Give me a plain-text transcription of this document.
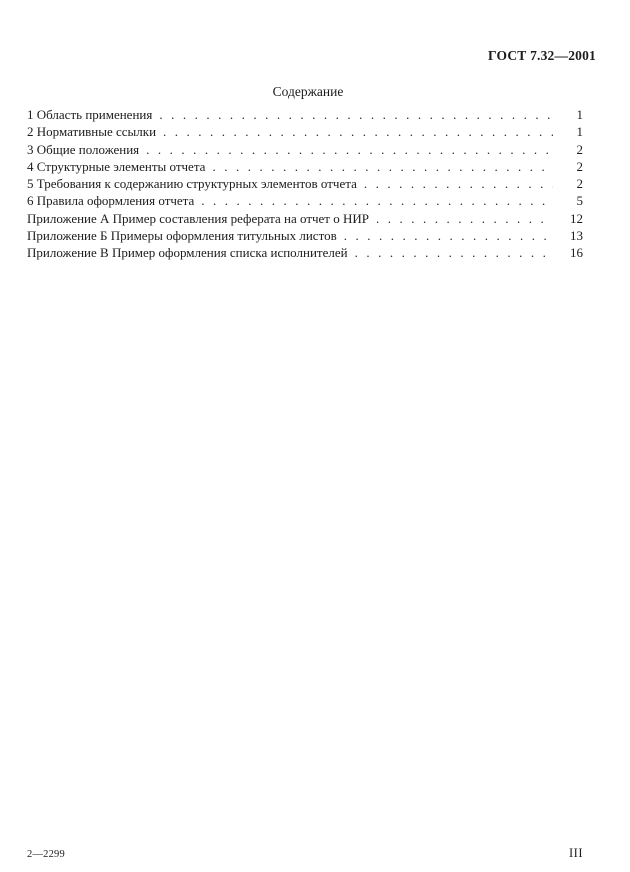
ГОСТ 7.32—2001
Содержание
1 Область применения .....	1
2 Нормативные ссылки .....	1
3 Общие положения .....	2
4 Структурные элементы отчета .....	2
5 Требования к содержанию структурных элементов отчета .....	2
6 Правила оформления отчета .....	5
Приложение А Пример составления реферата на отчет о НИР .....	12
Приложение Б Примеры оформления титульных листов .....	13
Приложение В Пример оформления списка исполнителей .....	16
2—2299	III
